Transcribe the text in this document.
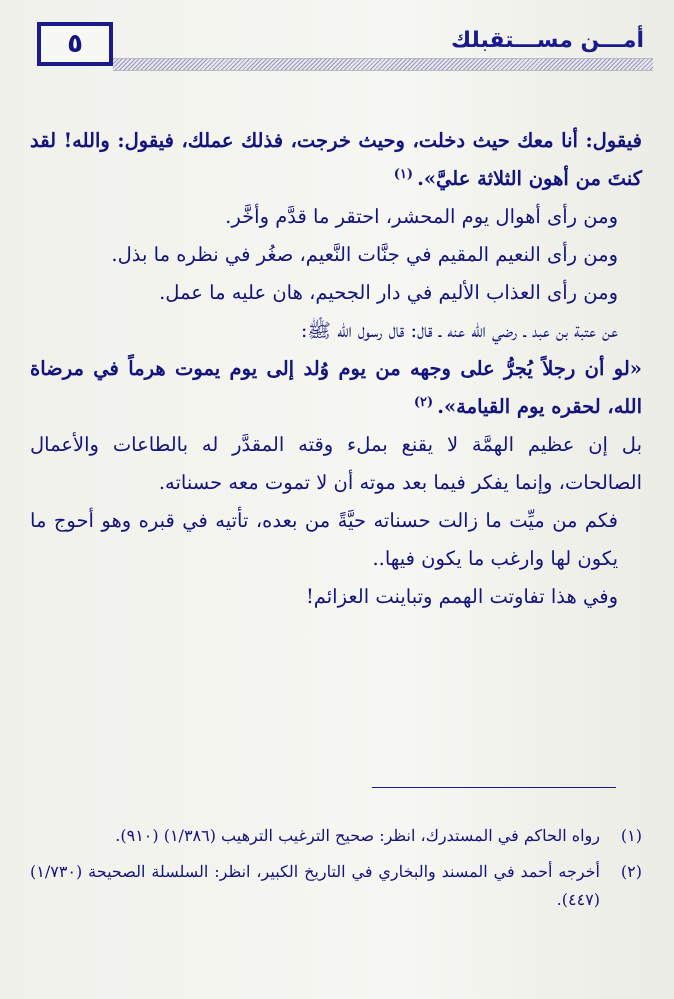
٥	أمـــن مســـتقبلك

فيقول: أنا معك حيث دخلت، وحيث خرجت، فذلك عملك، فيقول: والله! لقد كنتَ من أهون الثلاثة عليَّ».$^{(١)}$

ومن رأى أهوال يوم المحشر، احتقر ما قدَّم وأخَّر.

ومن رأى النعيم المقيم في جنَّات النَّعيم، صغُر في نظره ما بذل.

ومن رأى العذاب الأليم في دار الجحيم، هان عليه ما عمل.

عن عتبة بن عبد ـ رضي الله عنه ـ قال: قال رسول الله ﷺ:

«لو أن رجلاً يُجرُّ على وجهه من يوم وُلد إلى يوم يموت هرماً في مرضاة الله، لحقره يوم القيامة».$^{(٢)}$

بل إن عظيم الهمَّة لا يقنع بملء وقته المقدَّر له بالطاعات والأعمال الصالحات، وإنما يفكر فيما بعد موته أن لا تموت معه حسناته.

فكم من ميِّت ما زالت حسناته حيَّةً من بعده، تأتيه في قبره وهو أحوج ما يكون لها وارغب ما يكون فيها..

وفي هذا تفاوتت الهمم وتباينت العزائم!

(١)
رواه الحاكم في المستدرك، انظر: صحيح الترغيب الترهيب (١/٣٨٦) (٩١٠).
(٢)
أخرجه أحمد في المسند والبخاري في التاريخ الكبير، انظر: السلسلة الصحيحة (١/٧٣٠)(٤٤٧).
